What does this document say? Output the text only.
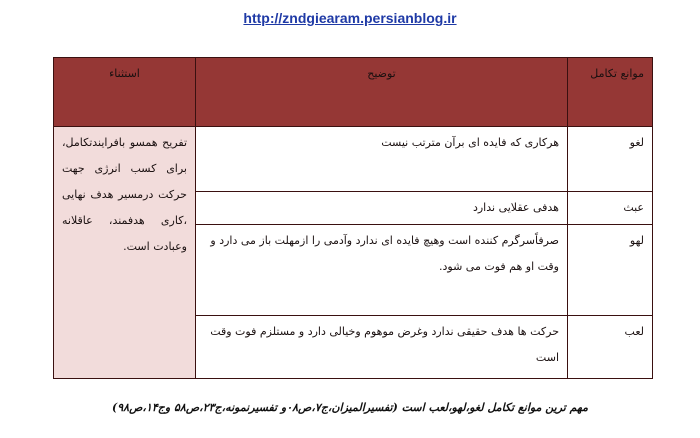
http://zndgiearam.persianblog.ir
موانع تکامل	توضیح	استثناء
لغو	هرکاری که فایده ای برآن مترتب نیست	تفریح همسو بافرایندتکامل، برای کسب انرژی جهت حرکت درمسیر هدف نهایی ،کاری هدفمند، عاقلانه وعبادت است.
عبث	هدفی عقلایی ندارد	
لهو	صرفاًسرگرم کننده است وهیچ فایده ای ندارد وآدمی را ازمهلت باز می دارد و وقت او هم فوت می شود.	
لعب	حرکت ها هدف حقیقی ندارد وغرض موهوم وخیالی دارد و مستلزم فوت وقت است	
مهم ترین موانع تکامل لغو،لهو،لعب است (تفسیرالمیزان،ج۷،ص۰۸و تفسیرنمونه،ج۲۳،ص۵۸ وج۱۴،ص۹۸)
